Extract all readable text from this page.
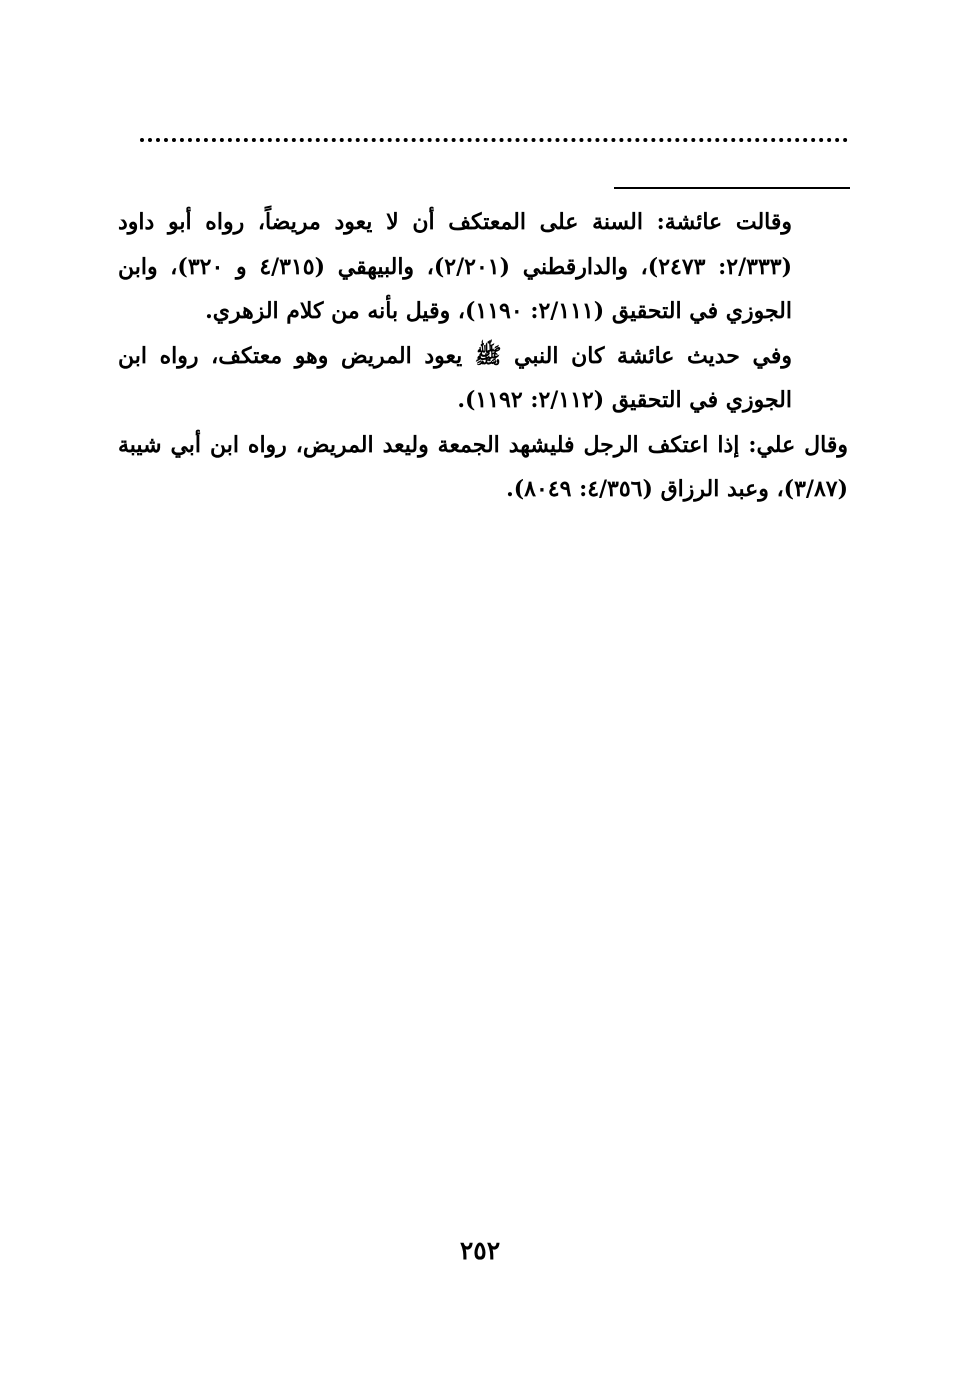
وقالت عائشة: السنة على المعتكف أن لا يعود مريضاً، رواه أبو داود
(٢/٣٣٣: ٢٤٧٣)، والدارقطني (٢/٢٠١)، والبيهقي (٤/٣١٥ و ٣٢٠)، وابن
الجوزي في التحقيق (٢/١١١: ١١٩٠)، وقيل بأنه من كلام الزهري.

وفي حديث عائشة كان النبي ﷺ يعود المريض وهو معتكف، رواه ابن
الجوزي في التحقيق (٢/١١٢: ١١٩٢).

وقال علي: إذا اعتكف الرجل فليشهد الجمعة وليعد المريض، رواه ابن أبي شيبة
(٣/٨٧)، وعبد الرزاق (٤/٣٥٦: ٨٠٤٩).

٢٥٢
